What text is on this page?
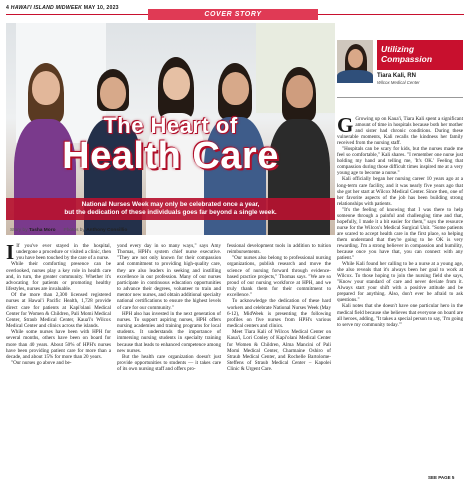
4 HAWAI'I ISLAND MIDWEEK MAY 10, 2023
COVER STORY
The Heart of
Health Care
National Nurses Week may only be celebrated once a year,
but the dedication of these individuals goes far beyond a single week.
Story by Tasha Moro Photos by Anthony Consillio
Utilizing
Compassion
Tiara Kali, RN
Wilcox Medical Center

I If you've ever stayed in the hospital, undergone a procedure or visited a clinic, then you have been touched by the care of a nurse.

While their comforting presence can be overlooked, nurses play a key role in health care and, in turn, the greater community. Whether it's advocating for patients or promoting healthy lifestyles, nurses are invaluable.

Of the more than 2,300 licensed registered nurses at Hawai'i Pacific Health, 1,728 provide direct care for patients at Kapi'olani Medical Center for Women & Children, Pali Momi Medical Center, Straub Medical Center, Kaua'i's Wilcox Medical Center and clinics across the islands.

While some nurses have been with HPH for several months, others have been on board for more than 40 years. About 50% of HPH's nurses have been providing patient care for more than a decade, and about 15% for more than 20 years.

"Our nurses go above and be-

yond every day in so many ways," says Amy Thomas, HPH's system chief nurse executive. "They are not only known for their compassion and commitment to providing high-quality care, they are also leaders in seeking and instilling excellence in our profession. Many of our nurses participate in continuous education opportunities to advance their degrees, volunteer to train and mentor new nurses, and obtain additional specialty national certifications to ensure the highest levels of care for our community."

HPH also has invested in the next generation of nurses. To support aspiring nurses, HPH offers nursing academies and training programs for local students. It understands the importance of immersing nursing students in specialty training because that leads to enhanced competence among new nurses.

But the health care organization doesn't just provide opportunities to students — it takes care of its own nursing staff and offers pro-

fessional development tools in addition to tuition reimbursements.

"Our nurses also belong to professional nursing organizations, publish research and move the science of nursing forward through evidence-based practice projects," Thomas says. "We are so proud of our nursing workforce at HPH, and we truly thank them for their commitment to excellence."

To acknowledge the dedication of these hard workers and celebrate National Nurses Week (May 6-12), MidWeek is presenting the following profiles on five nurses from HPH's various medical centers and clinics.

Meet Tiara Kali of Wilcox Medical Center on Kaua'i, Lori Conley of Kapi'olani Medical Center for Women & Children, Alma Mancini of Pali Momi Medical Center, Charmaine Oshiro of Straub Medical Center, and Rochelle Bartolome-Steffens of Straub Medical Center – Kapolei Clinic & Urgent Care.

G Growing up on Kaua'i, Tiara Kali spent a significant amount of time in hospitals because both her mother and sister had chronic conditions. During these vulnerable moments, Kali recalls the kindness her family received from the nursing staff.

"Hospitals can be scary for kids, but the nurses made me feel so comfortable," Kali shares. "I remember one nurse just holding my hand and telling me, 'It's OK.' Feeling that compassion during those difficult times inspired me at a very young age to become a nurse."

Kali officially began her nursing career 10 years ago at a long-term care facility, and it was nearly five years ago that she got her start at Wilcox Medical Center. Since then, one of her favorite aspects of the job has been building strong relationships with patients.

"It's the feeling of knowing that I was there to help someone through a painful and challenging time and that, hopefully, I made it a bit easier for them," says the resource nurse for the Wilcox's Medical Surgical Unit. "Some patients are scared to accept health care in the first place, so helping them understand that they're going to be OK is very rewarding. I'm a strong believer in compassion and humility, because once you have that, you can connect with any patient."

While Kali found her calling to be a nurse at a young age, she also reveals that it's always been her goal to work at Wilcox. To those hoping to join the nursing field she says, "Know your standard of care and never deviate from it. Always start your shift with a positive attitude and be prepared for anything. Also, don't ever be afraid to ask questions."

Kali notes that she doesn't have one particular hero in the medical field because she believes that everyone on board are all heroes, adding, "It takes a special person to say, 'I'm going to serve my community today.'"

SEE PAGE 5
